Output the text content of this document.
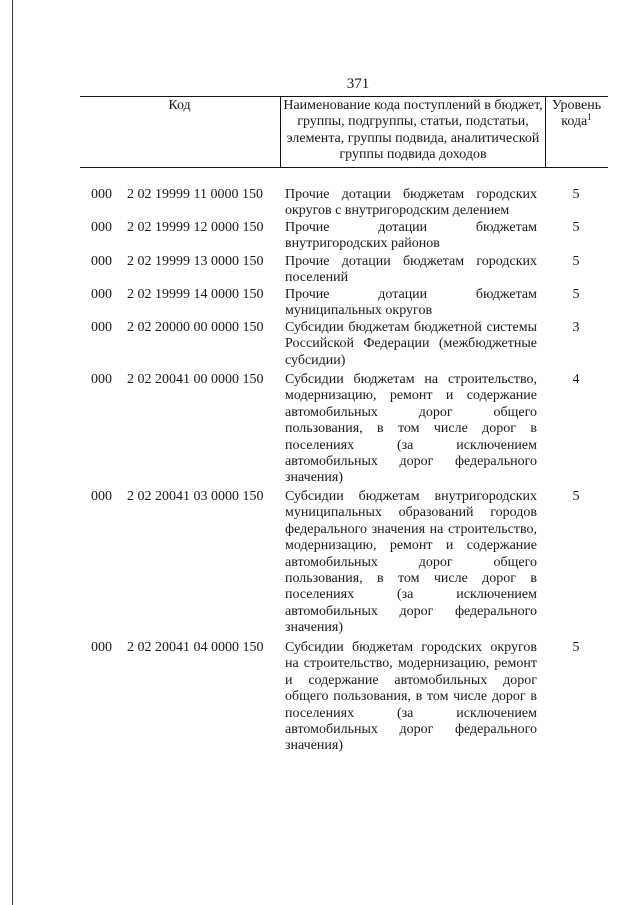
371
Код	Наименование кода поступлений в бюджет, группы, подгруппы, статьи, подстатьи, элемента, группы подвида, аналитической группы подвида доходов
Уровень кода$^1$
000 2 02 19999 11 0000 150 Прочие дотации бюджетам городских округов с внутригородским делением
5
000 2 02 19999 12 0000 150 Прочие дотации бюджетам внутригородских районов
5
000 2 02 19999 13 0000 150 Прочие дотации бюджетам городских поселений
5
000 2 02 19999 14 0000 150 Прочие дотации бюджетам муниципальных округов
5
000 2 02 20000 00 0000 150 Субсидии бюджетам бюджетной системы Российской Федерации (межбюджетные субсидии)
3
000 2 02 20041 00 0000 150 Субсидии бюджетам на строительство, модернизацию, ремонт и содержание автомобильных дорог общего пользования, в том числе дорог в поселениях (за исключением автомобильных дорог федерального значения)
4
000 2 02 20041 03 0000 150 Субсидии бюджетам внутригородских муниципальных образований городов федерального значения на строительство, модернизацию, ремонт и содержание автомобильных дорог общего пользования, в том числе дорог в поселениях (за исключением автомобильных дорог федерального значения)
5
000 2 02 20041 04 0000 150 Субсидии бюджетам городских округов на строительство, модернизацию, ремонт и содержание автомобильных дорог общего пользования, в том числе дорог в поселениях (за исключением автомобильных дорог федерального значения)
5
